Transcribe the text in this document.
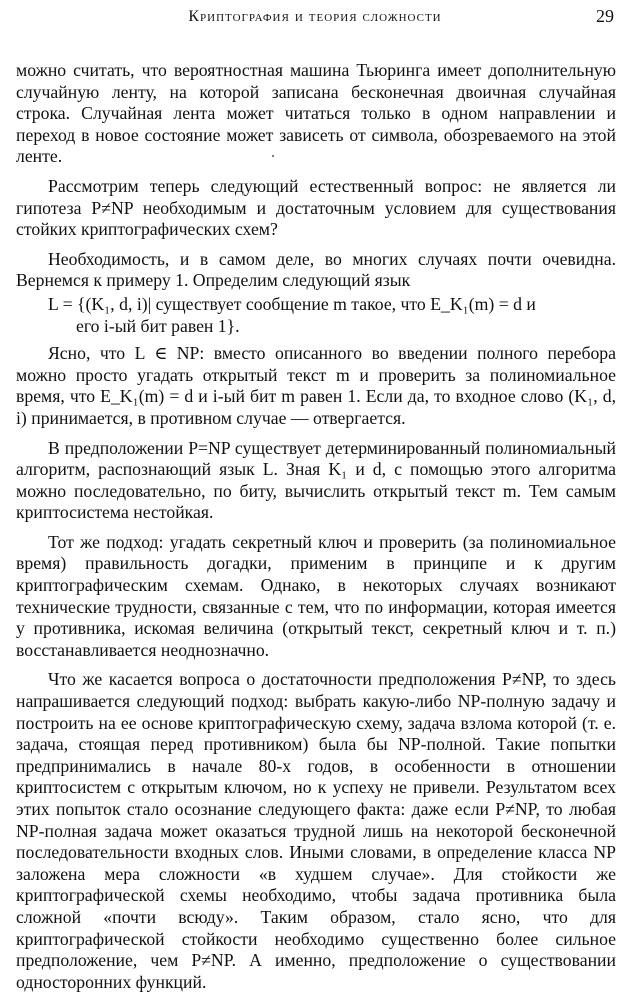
Криптография и теория сложности	29

можно считать, что вероятностная машина Тьюринга имеет дополнительную случайную ленту, на которой записана бесконечная двоичная случайная строка. Случайная лента может читаться только в одном направлении и переход в новое состояние может зависеть от символа, обозреваемого на этой ленте.

Рассмотрим теперь следующий естественный вопрос: не является ли гипотеза P≠NP необходимым и достаточным условием для существования стойких криптографических схем?

Необходимость, и в самом деле, во многих случаях почти очевидна. Вернемся к примеру 1. Определим следующий язык

L = {(K₁, d, i)| существует сообщение m такое, что E_K₁(m) = d и
его i-ый бит равен 1}.

Ясно, что L ∈ NP: вместо описанного во введении полного перебора можно просто угадать открытый текст m и проверить за полиномиальное время, что E_K₁(m) = d и i-ый бит m равен 1. Если да, то входное слово (K₁, d, i) принимается, в противном случае — отвергается.

В предположении P=NP существует детерминированный полиномиальный алгоритм, распознающий язык L. Зная K₁ и d, с помощью этого алгоритма можно последовательно, по биту, вычислить открытый текст m. Тем самым криптосистема нестойкая.

Тот же подход: угадать секретный ключ и проверить (за полиномиальное время) правильность догадки, применим в принципе и к другим криптографическим схемам. Однако, в некоторых случаях возникают технические трудности, связанные с тем, что по информации, которая имеется у противника, искомая величина (открытый текст, секретный ключ и т. п.) восстанавливается неоднозначно.

Что же касается вопроса о достаточности предположения P≠NP, то здесь напрашивается следующий подход: выбрать какую-либо NP-полную задачу и построить на ее основе криптографическую схему, задача взлома которой (т. е. задача, стоящая перед противником) была бы NP-полной. Такие попытки предпринимались в начале 80-х годов, в особенности в отношении криптосистем с открытым ключом, но к успеху не привели. Результатом всех этих попыток стало осознание следующего факта: даже если P≠NP, то любая NP-полная задача может оказаться трудной лишь на некоторой бесконечной последовательности входных слов. Иными словами, в определение класса NP заложена мера сложности «в худшем случае». Для стойкости же криптографической схемы необходимо, чтобы задача противника была сложной «почти всюду». Таким образом, стало ясно, что для криптографической стойкости необходимо существенно более сильное предположение, чем P≠NP. А именно, предположение о существовании односторонних функций.
